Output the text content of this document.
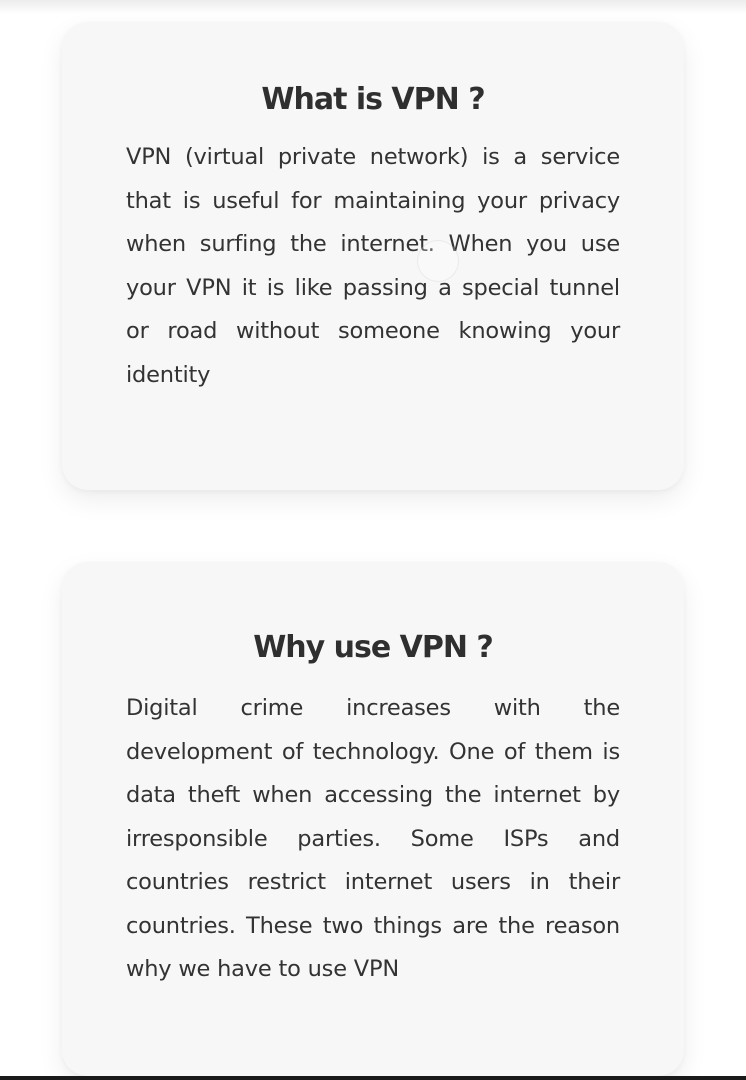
What is VPN ?

VPN (virtual private network) is a service that is useful for maintaining your privacy when surfing the internet. When you use your VPN it is like passing a special tunnel or road without someone knowing your identity

Why use VPN ?

Digital crime increases with the development of technology. One of them is data theft when accessing the internet by irresponsible parties. Some ISPs and countries restrict internet users in their countries. These two things are the reason why we have to use VPN
